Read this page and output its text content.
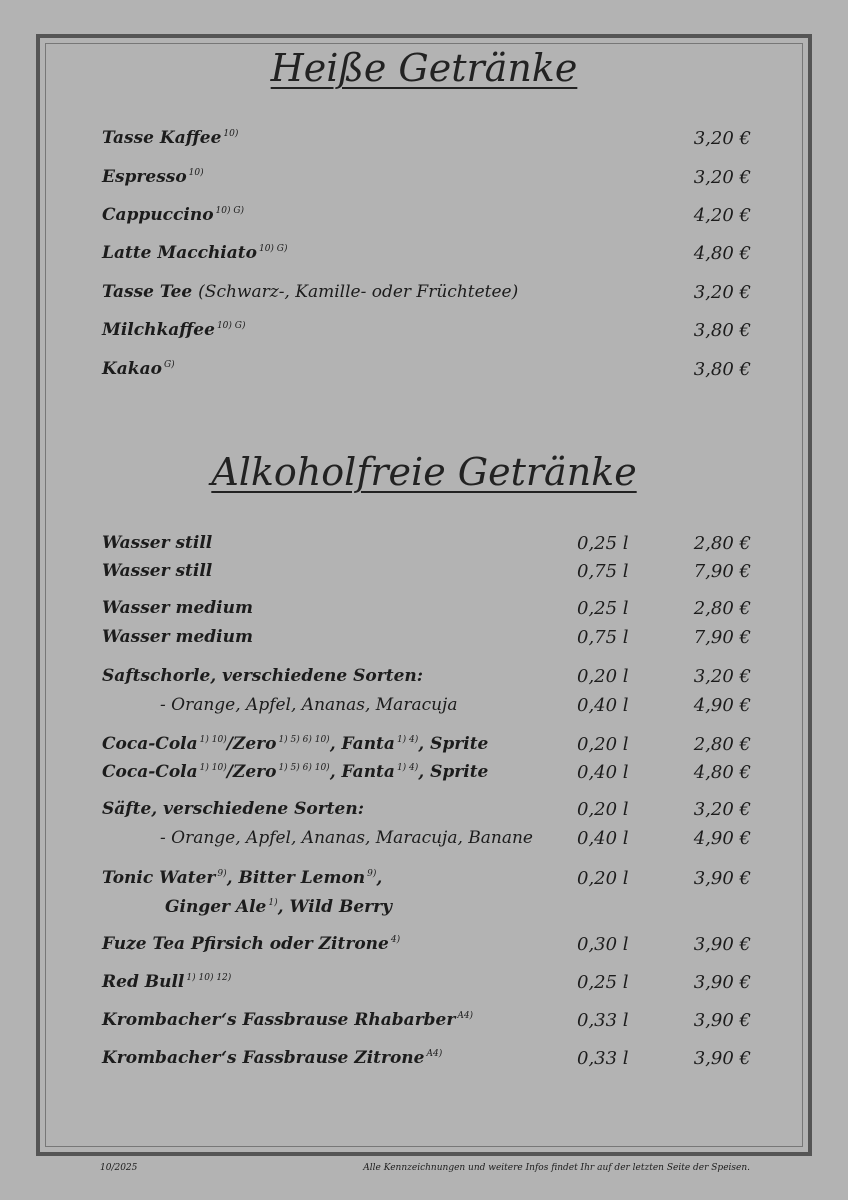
Heiße Getränke
Tasse Kaffee $^{10)}$	3,20 €
Espresso $^{10)}$	3,20 €
Cappuccino $^{10) G)}$	4,20 €
Latte Macchiato $^{10) G)}$	4,80 €
Tasse Tee (Schwarz-, Kamille- oder Früchtetee)	3,20 €
Milchkaffee $^{10) G)}$	3,80 €
Kakao $^{G)}$	3,80 €
Alkoholfreie Getränke
Wasser still	0,25 l	2,80 €
Wasser still	0,75 l	7,90 €
Wasser medium	0,25 l	2,80 €
Wasser medium	0,75 l	7,90 €
Saftschorle, verschiedene Sorten:	0,20 l	3,20 €
- Orange, Apfel, Ananas, Maracuja	0,40 l	4,90 €
Coca-Cola $^{1) 10)}$/Zero $^{1) 5) 6) 10)}$, Fanta $^{1) 4)}$, Sprite	0,20 l	2,80 €
Coca-Cola $^{1) 10)}$/Zero $^{1) 5) 6) 10)}$, Fanta $^{1) 4)}$, Sprite	0,40 l	4,80 €
Säfte, verschiedene Sorten:	0,20 l	3,20 €
- Orange, Apfel, Ananas, Maracuja, Banane 0,40 l	4,90 €
Tonic Water $^{9)}$, Bitter Lemon $^{9)}$,	0,20 l	3,90 €
Ginger Ale $^{1)}$, Wild Berry
Fuze Tea Pfirsich oder Zitrone $^{4)}$	0,30 l	3,90 €
Red Bull $^{1) 10) 12)}$	0,25 l	3,90 €
Krombacher‘s Fassbrause Rhabarber $^{A4)}$	0,33 l	3,90 €
Krombacher‘s Fassbrause Zitrone $^{A4)}$	0,33 l	3,90 €
10/2025	Alle Kennzeichnungen und weitere Infos findet Ihr auf der letzten Seite der Speisen.
